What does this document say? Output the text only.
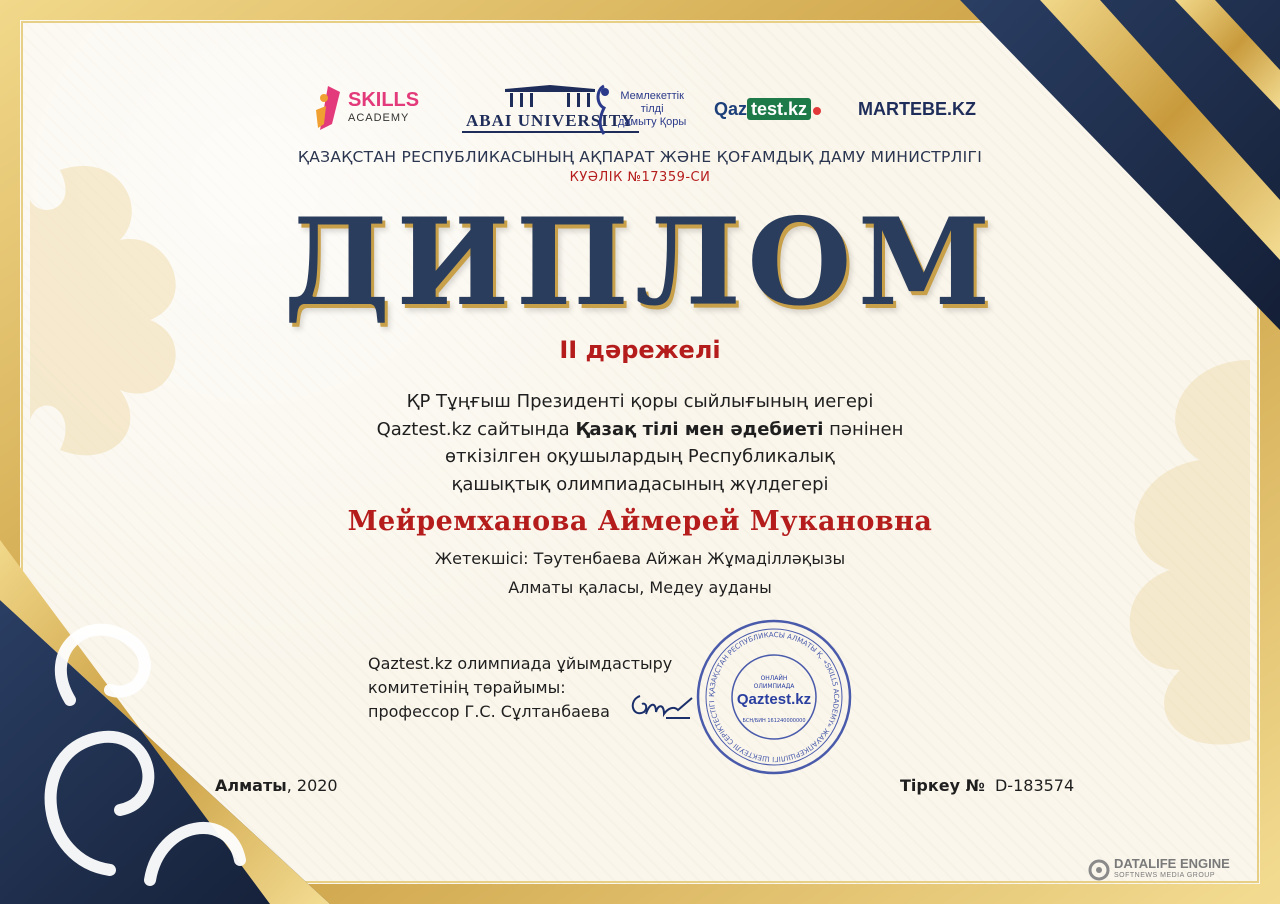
SKILLS
ACADEMY	ABAI UNIVERSITY
Мемлекеттік
тілді
дамыту Қоры
Qaz test.kz	MARTEBE.KZ
ҚАЗАҚСТАН РЕСПУБЛИКАСЫНЫҢ АҚПАРАТ ЖӘНЕ ҚОҒАМДЫҚ ДАМУ МИНИСТРЛІГІ
КУӘЛІК №17359-СИ
ДИПЛОМ
II дәрежелі
ҚР Тұңғыш Президенті қоры сыйлығының иегері
Qaztest.kz сайтында Қазақ тілі мен әдебиеті пәнінен
өткізілген оқушылардың Республикалық
қашықтық олимпиадасының жүлдегері
Мейремханова Аймерей Мукановна
Жетекшісі: Тәутенбаева Айжан Жұмаділләқызы
Алматы қаласы, Медеу ауданы
Qaztest.kz олимпиада ұйымдастыру
комитетінің төрайымы:
профессор Г.С. Сұлтанбаева
ҚАЗАҚСТАН РЕСПУБЛИКАСЫ АЛМАТЫ Қ. «SKILLS ACADEMY» ЖАУАПКЕРШІЛІГІ ШЕКТЕУЛІ СЕРІКТЕСТІГІ
ОНЛАЙН
ОЛИМПИАДА
Qaztest.kz
БСН/БИН 161240000000
Алматы, 2020	Тіркеу № D-183574
DATALIFE ENGINE
SOFTNEWS MEDIA GROUP
